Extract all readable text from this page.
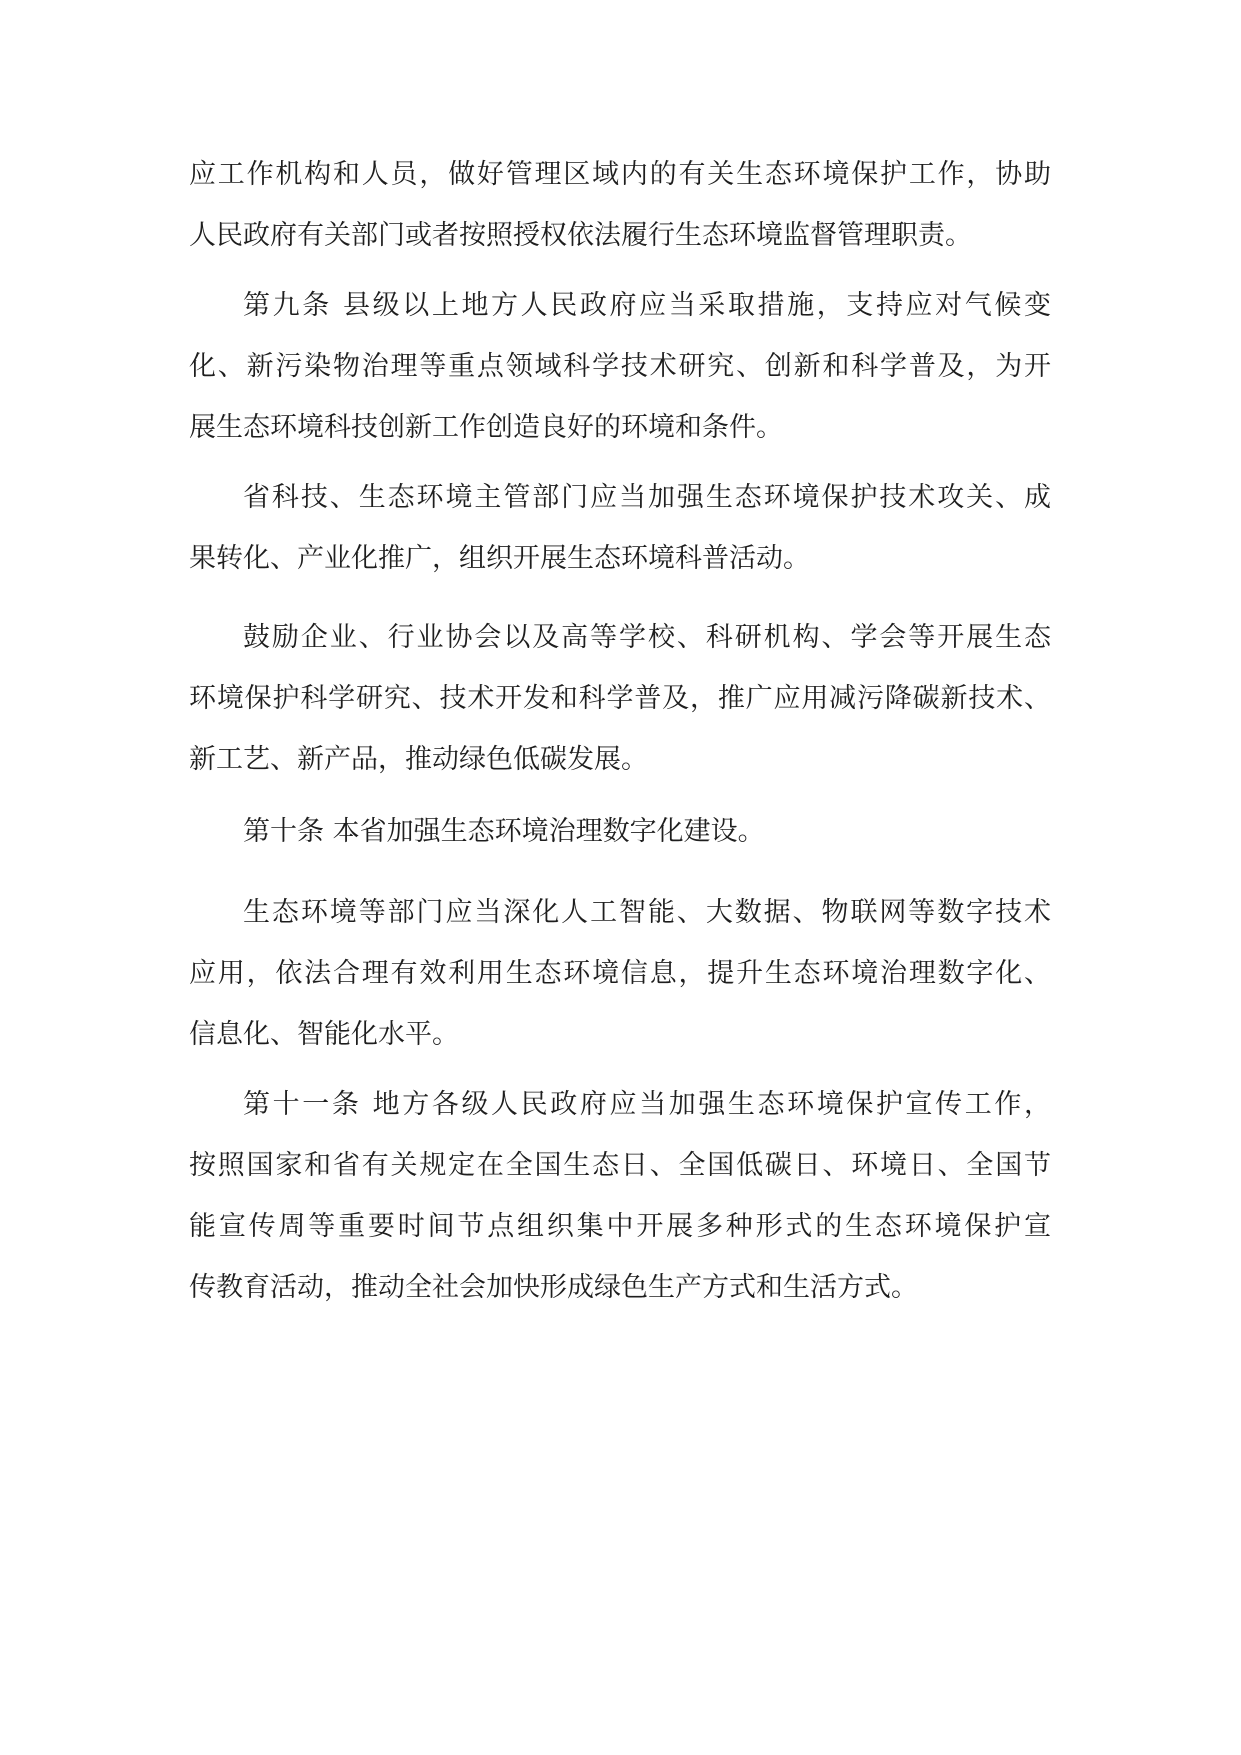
应工作机构和人员，做好管理区域内的有关生态环境保护工作，协助
人民政府有关部门或者按照授权依法履行生态环境监督管理职责。
第九条 县级以上地方人民政府应当采取措施，支持应对气候变
化、新污染物治理等重点领域科学技术研究、创新和科学普及，为开
展生态环境科技创新工作创造良好的环境和条件。
省科技、生态环境主管部门应当加强生态环境保护技术攻关、成
果转化、产业化推广，组织开展生态环境科普活动。
鼓励企业、行业协会以及高等学校、科研机构、学会等开展生态
环境保护科学研究、技术开发和科学普及，推广应用减污降碳新技术、
新工艺、新产品，推动绿色低碳发展。
第十条 本省加强生态环境治理数字化建设。
生态环境等部门应当深化人工智能、大数据、物联网等数字技术
应用，依法合理有效利用生态环境信息，提升生态环境治理数字化、
信息化、智能化水平。
第十一条 地方各级人民政府应当加强生态环境保护宣传工作，
按照国家和省有关规定在全国生态日、全国低碳日、环境日、全国节
能宣传周等重要时间节点组织集中开展多种形式的生态环境保护宣
传教育活动，推动全社会加快形成绿色生产方式和生活方式。
